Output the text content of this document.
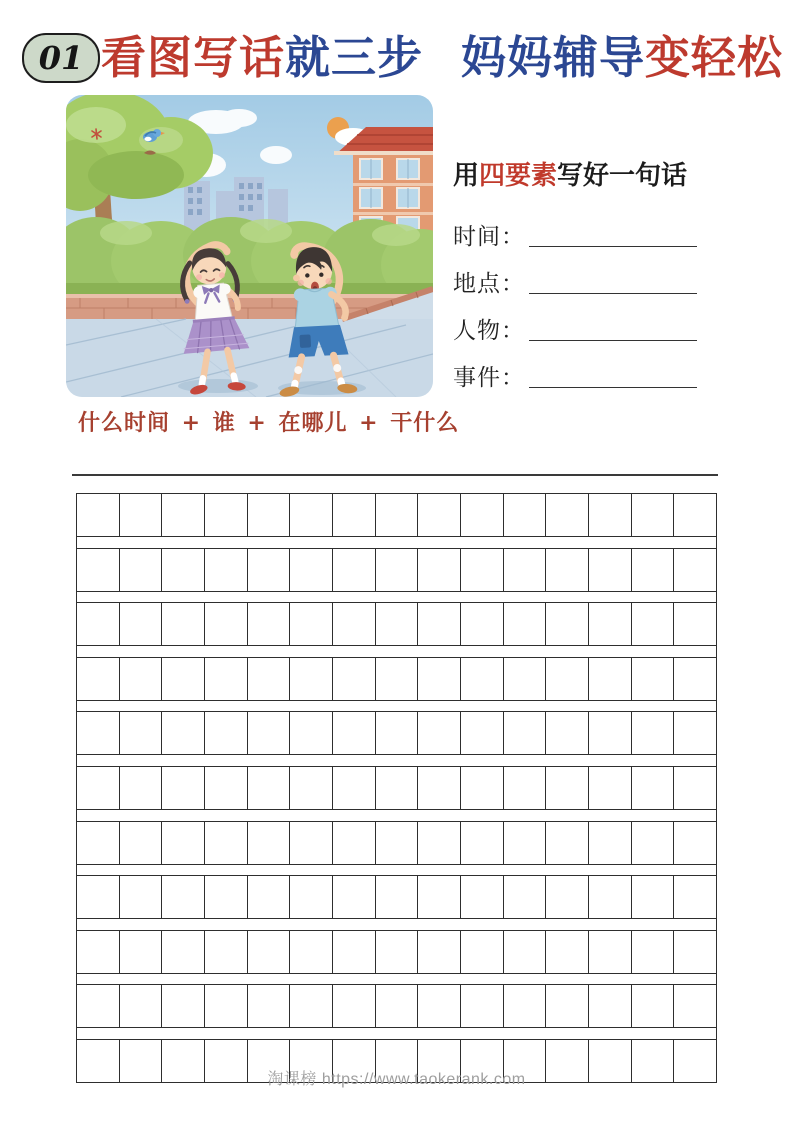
01 看图写话就三步 妈妈辅导变轻松
用四要素写好一句话
时间：
地点：
人物：
事件：
什么时间 + 谁 + 在哪儿 + 干什么
淘课榜 https://www.taokerank.com
